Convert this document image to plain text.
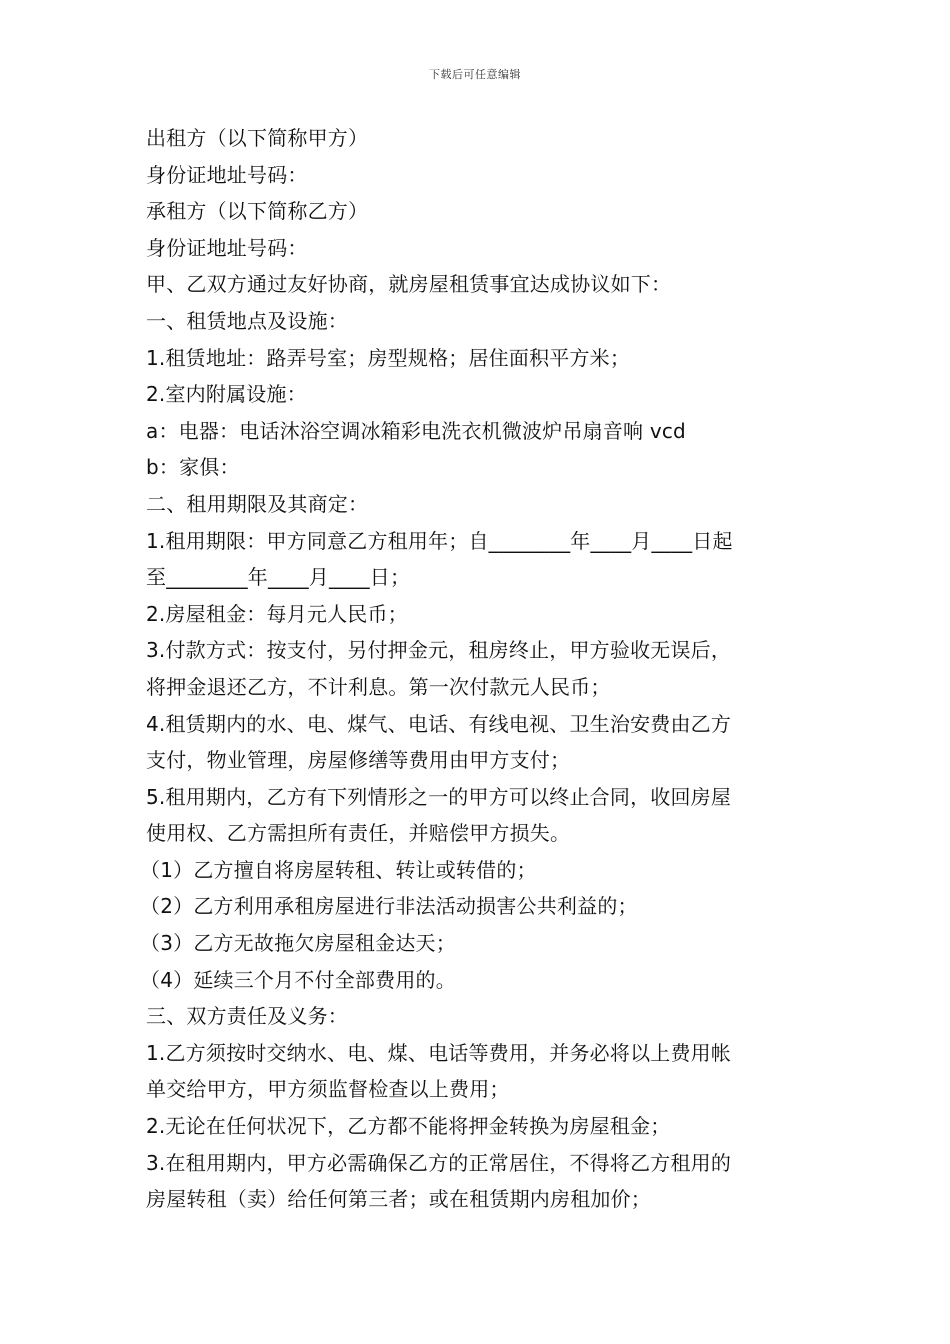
下载后可任意编辑
出租方（以下简称甲方）
身份证地址号码：
承租方（以下简称乙方）
身份证地址号码：
甲、乙双方通过友好协商，就房屋租赁事宜达成协议如下：
一、租赁地点及设施：
1.租赁地址：路弄号室；房型规格；居住面积平方米；
2.室内附属设施：
a：电器：电话沐浴空调冰箱彩电洗衣机微波炉吊扇音响 vcd
b：家俱：
二、租用期限及其商定：
1.租用期限：甲方同意乙方租用年；自________年____月____日起
至________年____月____日；
2.房屋租金：每月元人民币；
3.付款方式：按支付，另付押金元，租房终止，甲方验收无误后，
将押金退还乙方，不计利息。第一次付款元人民币；
4.租赁期内的水、电、煤气、电话、有线电视、卫生治安费由乙方
支付，物业管理，房屋修缮等费用由甲方支付；
5.租用期内，乙方有下列情形之一的甲方可以终止合同，收回房屋
使用权、乙方需担所有责任，并赔偿甲方损失。
（1）乙方擅自将房屋转租、转让或转借的；
（2）乙方利用承租房屋进行非法活动损害公共利益的；
（3）乙方无故拖欠房屋租金达天；
（4）延续三个月不付全部费用的。
三、双方责任及义务：
1.乙方须按时交纳水、电、煤、电话等费用，并务必将以上费用帐
单交给甲方，甲方须监督检查以上费用；
2.无论在任何状况下，乙方都不能将押金转换为房屋租金；
3.在租用期内，甲方必需确保乙方的正常居住，不得将乙方租用的
房屋转租（卖）给任何第三者；或在租赁期内房租加价；
